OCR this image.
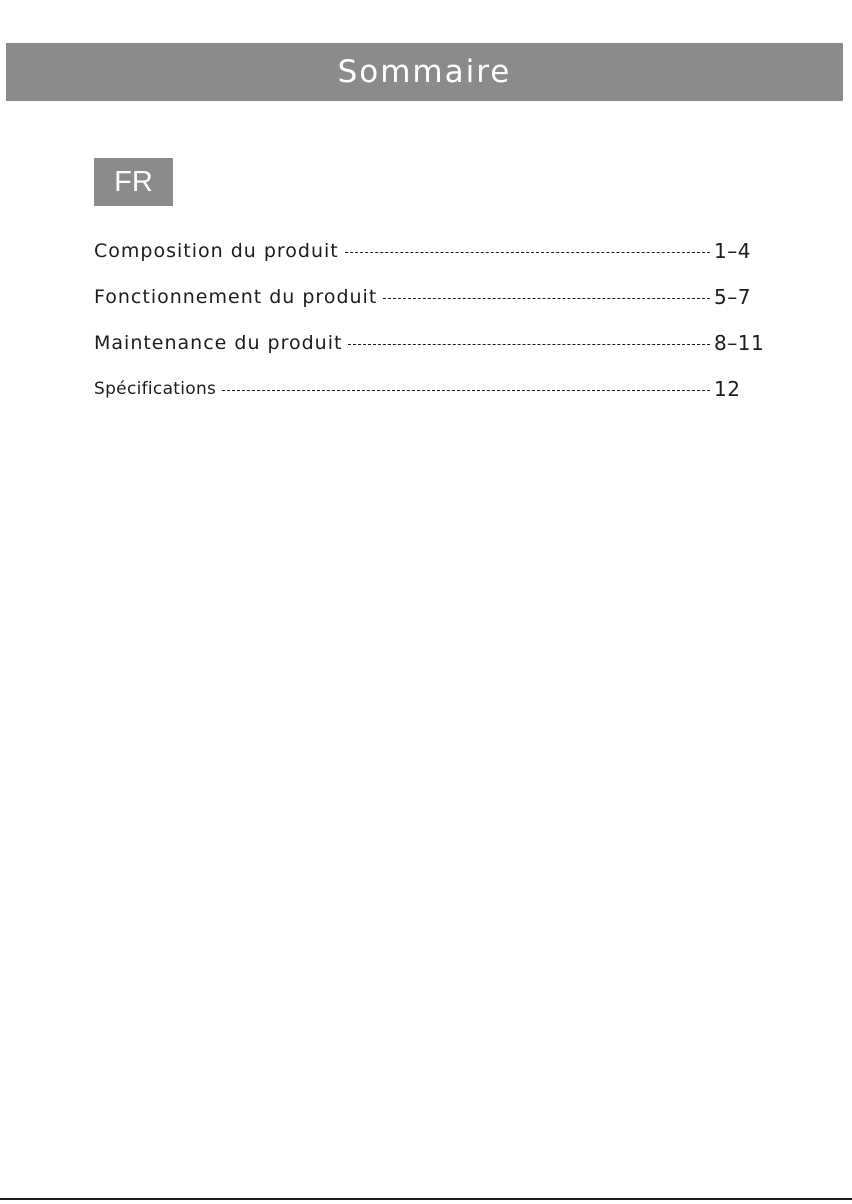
Sommaire
FR
Composition du produit	1–4
Fonctionnement du produit	5–7
Maintenance du produit	8–11
Spécifications	12
